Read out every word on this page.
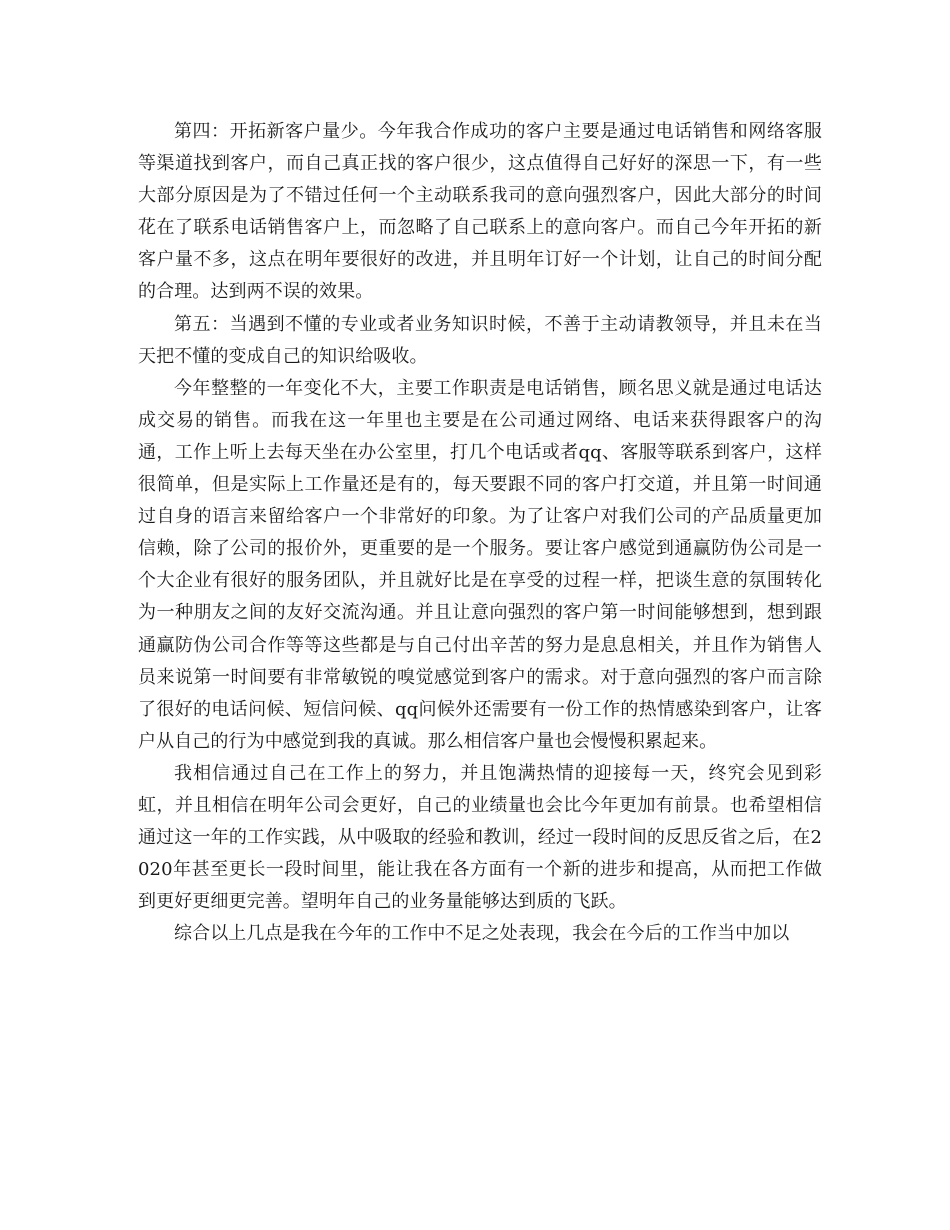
第四：开拓新客户量少。今年我合作成功的客户主要是通过电话销售和网络客服等渠道找到客户，而自己真正找的客户很少，这点值得自己好好的深思一下，有一些大部分原因是为了不错过任何一个主动联系我司的意向强烈客户，因此大部分的时间花在了联系电话销售客户上，而忽略了自己联系上的意向客户。而自己今年开拓的新客户量不多，这点在明年要很好的改进，并且明年订好一个计划，让自己的时间分配的合理。达到两不误的效果。

第五：当遇到不懂的专业或者业务知识时候，不善于主动请教领导，并且未在当天把不懂的变成自己的知识给吸收。

今年整整的一年变化不大，主要工作职责是电话销售，顾名思义就是通过电话达成交易的销售。而我在这一年里也主要是在公司通过网络、电话来获得跟客户的沟通，工作上听上去每天坐在办公室里，打几个电话或者qq、客服等联系到客户，这样很简单，但是实际上工作量还是有的，每天要跟不同的客户打交道，并且第一时间通过自身的语言来留给客户一个非常好的印象。为了让客户对我们公司的产品质量更加信赖，除了公司的报价外，更重要的是一个服务。要让客户感觉到通赢防伪公司是一个大企业有很好的服务团队，并且就好比是在享受的过程一样，把谈生意的氛围转化为一种朋友之间的友好交流沟通。并且让意向强烈的客户第一时间能够想到，想到跟通赢防伪公司合作等等这些都是与自己付出辛苦的努力是息息相关，并且作为销售人员来说第一时间要有非常敏锐的嗅觉感觉到客户的需求。对于意向强烈的客户而言除了很好的电话问候、短信问候、qq问候外还需要有一份工作的热情感染到客户，让客户从自己的行为中感觉到我的真诚。那么相信客户量也会慢慢积累起来。

我相信通过自己在工作上的努力，并且饱满热情的迎接每一天，终究会见到彩虹，并且相信在明年公司会更好，自己的业绩量也会比今年更加有前景。也希望相信通过这一年的工作实践，从中吸取的经验和教训，经过一段时间的反思反省之后，在2020年甚至更长一段时间里，能让我在各方面有一个新的进步和提高，从而把工作做到更好更细更完善。望明年自己的业务量能够达到质的飞跃。

综合以上几点是我在今年的工作中不足之处表现，我会在今后的工作当中加以
